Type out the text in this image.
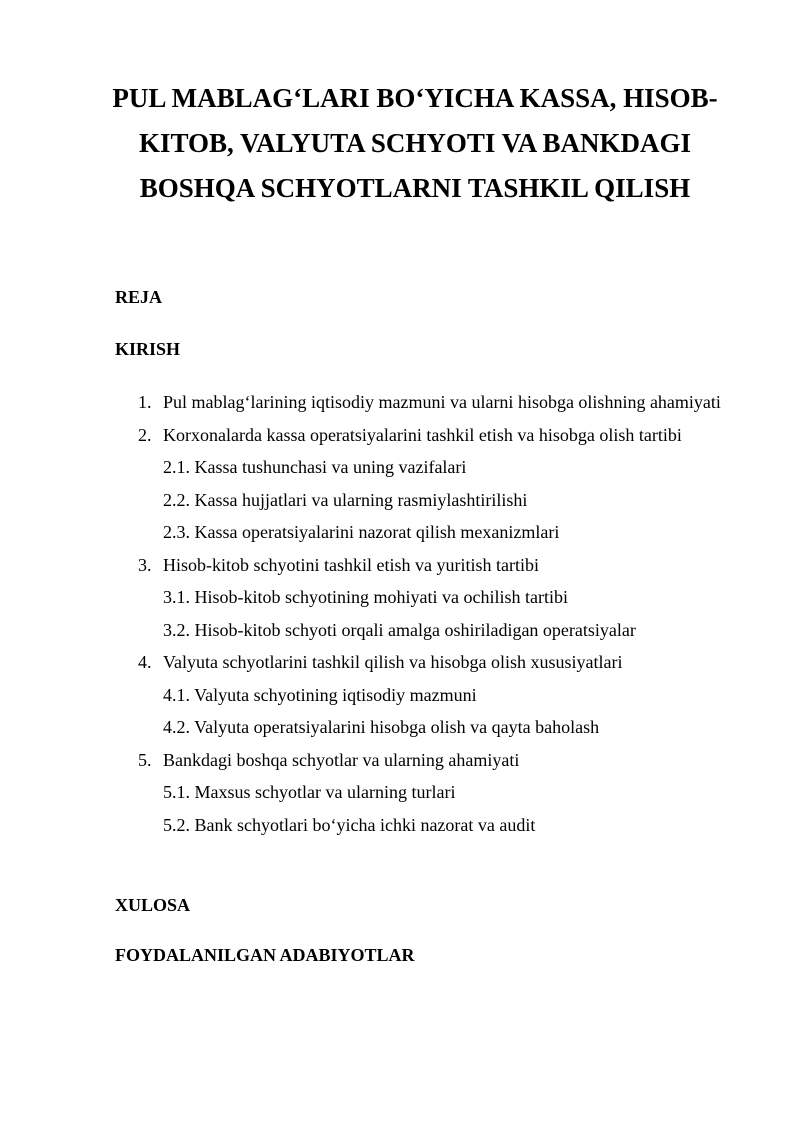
PUL MABLAG‘LARI BO‘YICHA KASSA, HISOB-KITOB, VALYUTA SCHYOTI VA BANKDAGI BOSHQA SCHYOTLARNI TASHKIL QILISH

REJA

KIRISH

1. Pul mablag‘larining iqtisodiy mazmuni va ularni hisobga olishning ahamiyati
2. Korxonalarda kassa operatsiyalarini tashkil etish va hisobga olish tartibi
2.1. Kassa tushunchasi va uning vazifalari
2.2. Kassa hujjatlari va ularning rasmiylashtirilishi
2.3. Kassa operatsiyalarini nazorat qilish mexanizmlari
3. Hisob-kitob schyotini tashkil etish va yuritish tartibi
3.1. Hisob-kitob schyotining mohiyati va ochilish tartibi
3.2. Hisob-kitob schyoti orqali amalga oshiriladigan operatsiyalar
4. Valyuta schyotlarini tashkil qilish va hisobga olish xususiyatlari
4.1. Valyuta schyotining iqtisodiy mazmuni
4.2. Valyuta operatsiyalarini hisobga olish va qayta baholash
5. Bankdagi boshqa schyotlar va ularning ahamiyati
5.1. Maxsus schyotlar va ularning turlari
5.2. Bank schyotlari bo‘yicha ichki nazorat va audit

XULOSA

FOYDALANILGAN ADABIYOTLAR
